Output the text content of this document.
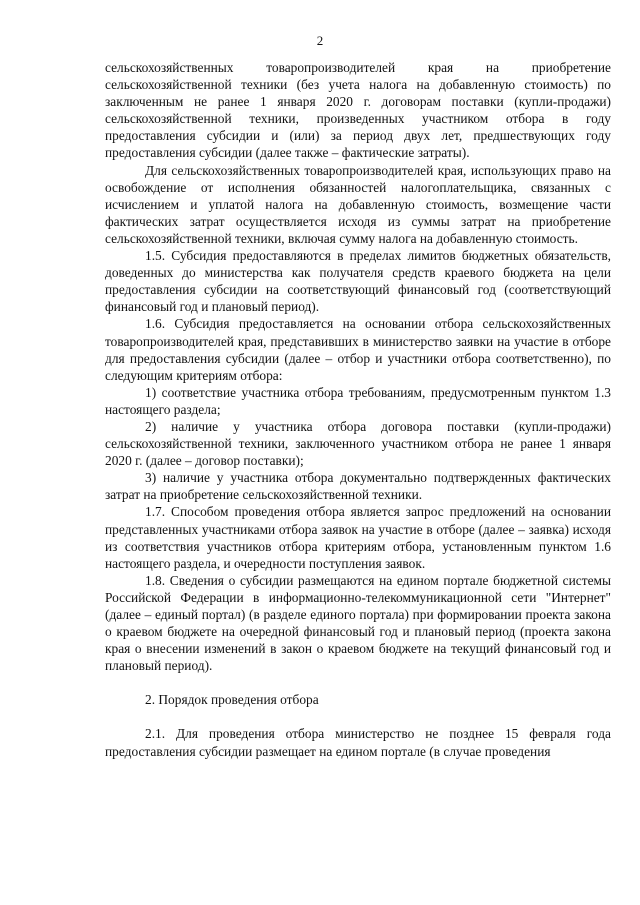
2

сельскохозяйственных товаропроизводителей края на приобретение сельскохозяйственной техники (без учета налога на добавленную стоимость) по заключенным не ранее 1 января 2020 г. договорам поставки (купли-продажи) сельскохозяйственной техники, произведенных участником отбора в году предоставления субсидии и (или) за период двух лет, предшествующих году предоставления субсидии (далее также – фактические затраты).

Для сельскохозяйственных товаропроизводителей края, использующих право на освобождение от исполнения обязанностей налогоплательщика, связанных с исчислением и уплатой налога на добавленную стоимость, возмещение части фактических затрат осуществляется исходя из суммы затрат на приобретение сельскохозяйственной техники, включая сумму налога на добавленную стоимость.

1.5. Субсидия предоставляются в пределах лимитов бюджетных обязательств, доведенных до министерства как получателя средств краевого бюджета на цели предоставления субсидии на соответствующий финансовый год (соответствующий финансовый год и плановый период).

1.6. Субсидия предоставляется на основании отбора сельскохозяйственных товаропроизводителей края, представивших в министерство заявки на участие в отборе для предоставления субсидии (далее – отбор и участники отбора соответственно), по следующим критериям отбора:

1) соответствие участника отбора требованиям, предусмотренным пунктом 1.3 настоящего раздела;

2) наличие у участника отбора договора поставки (купли-продажи) сельскохозяйственной техники, заключенного участником отбора не ранее 1 января 2020 г. (далее – договор поставки);

3) наличие у участника отбора документально подтвержденных фактических затрат на приобретение сельскохозяйственной техники.

1.7. Способом проведения отбора является запрос предложений на основании представленных участниками отбора заявок на участие в отборе (далее – заявка) исходя из соответствия участников отбора критериям отбора, установленным пунктом 1.6 настоящего раздела, и очередности поступления заявок.

1.8. Сведения о субсидии размещаются на едином портале бюджетной системы Российской Федерации в информационно-телекоммуникационной сети "Интернет" (далее – единый портал) (в разделе единого портала) при формировании проекта закона о краевом бюджете на очередной финансовый год и плановый период (проекта закона края о внесении изменений в закон о краевом бюджете на текущий финансовый год и плановый период).

2. Порядок проведения отбора

2.1. Для проведения отбора министерство не позднее 15 февраля года предоставления субсидии размещает на едином портале (в случае проведения
